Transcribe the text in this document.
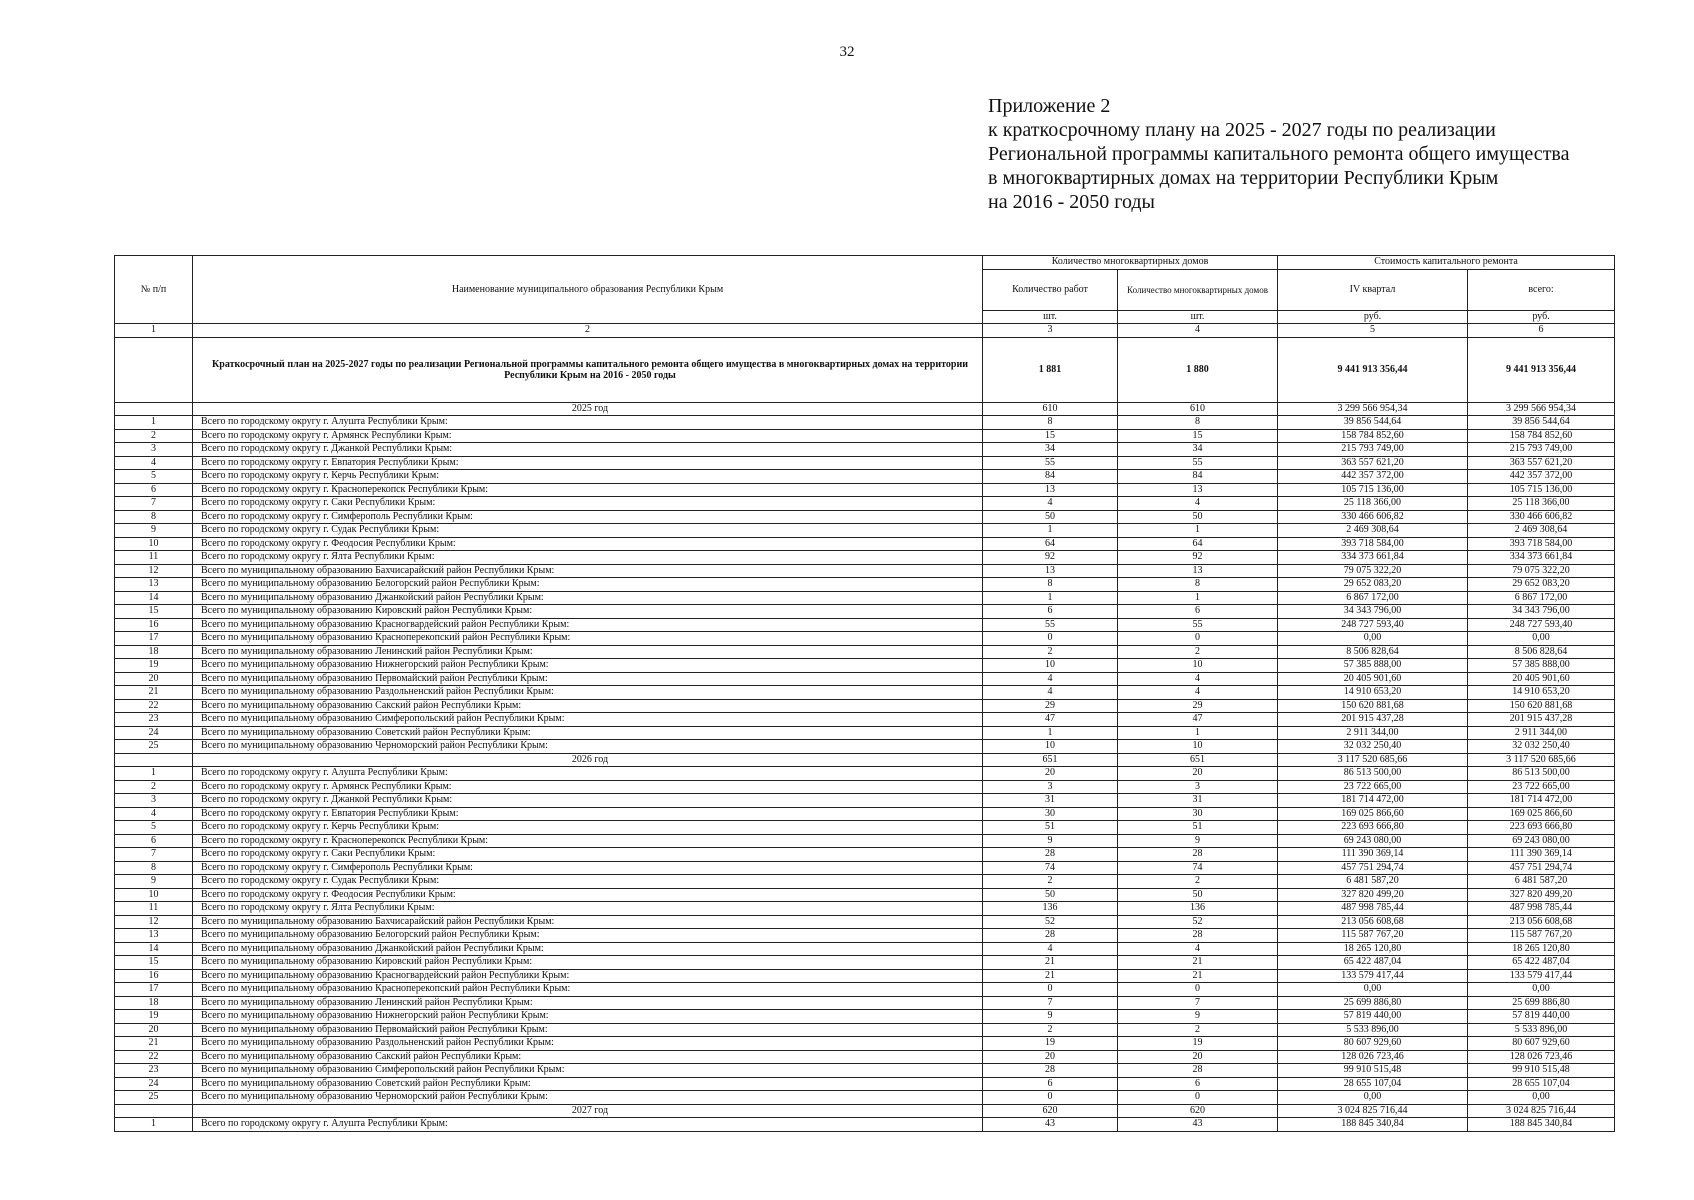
32
Приложение 2
к краткосрочному плану на 2025 - 2027 годы по реализации
Региональной программы капитального ремонта общего имущества
в многоквартирных домах на территории Республики Крым
на 2016 - 2050 годы
№ п/п	Наименование муниципального образования Республики Крым	Количество многоквартирных домов		Стоимость капитального ремонта	
		Количество работ	Количество многоквартирных домов	IV квартал	всего:
		шт.	шт.	руб.	руб.
1	2	3	4	5	6
	Краткосрочный план на 2025-2027 годы по реализации Региональной программы капитального ремонта общего имущества в многоквартирных домах на территории Республики Крым на 2016 - 2050 годы	1 881	1 880	9 441 913 356,44	9 441 913 356,44
	2025 год	610	610	3 299 566 954,34	3 299 566 954,34
1	Всего по городскому округу г. Алушта Республики Крым:	8	8	39 856 544,64	39 856 544,64
2	Всего по городскому округу г. Армянск Республики Крым:	15	15	158 784 852,60	158 784 852,60
3	Всего по городскому округу г. Джанкой Республики Крым:	34	34	215 793 749,00	215 793 749,00
4	Всего по городскому округу г. Евпатория Республики Крым:	55	55	363 557 621,20	363 557 621,20
5	Всего по городскому округу г. Керчь Республики Крым:	84	84	442 357 372,00	442 357 372,00
6	Всего по городскому округу г. Красноперекопск Республики Крым:	13	13	105 715 136,00	105 715 136,00
7	Всего по городскому округу г. Саки Республики Крым:	4	4	25 118 366,00	25 118 366,00
8	Всего по городскому округу г. Симферополь Республики Крым:	50	50	330 466 606,82	330 466 606,82
9	Всего по городскому округу г. Судак Республики Крым:	1	1	2 469 308,64	2 469 308,64
10	Всего по городскому округу г. Феодосия Республики Крым:	64	64	393 718 584,00	393 718 584,00
11	Всего по городскому округу г. Ялта Республики Крым:	92	92	334 373 661,84	334 373 661,84
12	Всего по муниципальному образованию Бахчисарайский район Республики Крым:	13	13	79 075 322,20	79 075 322,20
13	Всего по муниципальному образованию Белогорский район Республики Крым:	8	8	29 652 083,20	29 652 083,20
14	Всего по муниципальному образованию Джанкойский район Республики Крым:	1	1	6 867 172,00	6 867 172,00
15	Всего по муниципальному образованию Кировский район Республики Крым:	6	6	34 343 796,00	34 343 796,00
16	Всего по муниципальному образованию Красногвардейский район Республики Крым:	55	55	248 727 593,40	248 727 593,40
17	Всего по муниципальному образованию Красноперекопский район Республики Крым:	0	0	0,00	0,00
18	Всего по муниципальному образованию Ленинский район Республики Крым:	2	2	8 506 828,64	8 506 828,64
19	Всего по муниципальному образованию Нижнегорский район Республики Крым:	10	10	57 385 888,00	57 385 888,00
20	Всего по муниципальному образованию Первомайский район Республики Крым:	4	4	20 405 901,60	20 405 901,60
21	Всего по муниципальному образованию Раздольненский район Республики Крым:	4	4	14 910 653,20	14 910 653,20
22	Всего по муниципальному образованию Сакский район Республики Крым:	29	29	150 620 881,68	150 620 881,68
23	Всего по муниципальному образованию Симферопольский район Республики Крым:	47	47	201 915 437,28	201 915 437,28
24	Всего по муниципальному образованию Советский район Республики Крым:	1	1	2 911 344,00	2 911 344,00
25	Всего по муниципальному образованию Черноморский район Республики Крым:	10	10	32 032 250,40	32 032 250,40
	2026 год	651	651	3 117 520 685,66	3 117 520 685,66
1	Всего по городскому округу г. Алушта Республики Крым:	20	20	86 513 500,00	86 513 500,00
2	Всего по городскому округу г. Армянск Республики Крым:	3	3	23 722 665,00	23 722 665,00
3	Всего по городскому округу г. Джанкой Республики Крым:	31	31	181 714 472,00	181 714 472,00
4	Всего по городскому округу г. Евпатория Республики Крым:	30	30	169 025 866,60	169 025 866,60
5	Всего по городскому округу г. Керчь Республики Крым:	51	51	223 693 666,80	223 693 666,80
6	Всего по городскому округу г. Красноперекопск Республики Крым:	9	9	69 243 080,00	69 243 080,00
7	Всего по городскому округу г. Саки Республики Крым:	28	28	111 390 369,14	111 390 369,14
8	Всего по городскому округу г. Симферополь Республики Крым:	74	74	457 751 294,74	457 751 294,74
9	Всего по городскому округу г. Судак Республики Крым:	2	2	6 481 587,20	6 481 587,20
10	Всего по городскому округу г. Феодосия Республики Крым:	50	50	327 820 499,20	327 820 499,20
11	Всего по городскому округу г. Ялта Республики Крым:	136	136	487 998 785,44	487 998 785,44
12	Всего по муниципальному образованию Бахчисарайский район Республики Крым:	52	52	213 056 608,68	213 056 608,68
13	Всего по муниципальному образованию Белогорский район Республики Крым:	28	28	115 587 767,20	115 587 767,20
14	Всего по муниципальному образованию Джанкойский район Республики Крым:	4	4	18 265 120,80	18 265 120,80
15	Всего по муниципальному образованию Кировский район Республики Крым:	21	21	65 422 487,04	65 422 487,04
16	Всего по муниципальному образованию Красногвардейский район Республики Крым:	21	21	133 579 417,44	133 579 417,44
17	Всего по муниципальному образованию Красноперекопский район Республики Крым:	0	0	0,00	0,00
18	Всего по муниципальному образованию Ленинский район Республики Крым:	7	7	25 699 886,80	25 699 886,80
19	Всего по муниципальному образованию Нижнегорский район Республики Крым:	9	9	57 819 440,00	57 819 440,00
20	Всего по муниципальному образованию Первомайский район Республики Крым:	2	2	5 533 896,00	5 533 896,00
21	Всего по муниципальному образованию Раздольненский район Республики Крым:	19	19	80 607 929,60	80 607 929,60
22	Всего по муниципальному образованию Сакский район Республики Крым:	20	20	128 026 723,46	128 026 723,46
23	Всего по муниципальному образованию Симферопольский район Республики Крым:	28	28	99 910 515,48	99 910 515,48
24	Всего по муниципальному образованию Советский район Республики Крым:	6	6	28 655 107,04	28 655 107,04
25	Всего по муниципальному образованию Черноморский район Республики Крым:	0	0	0,00	0,00
	2027 год	620	620	3 024 825 716,44	3 024 825 716,44
1	Всего по городскому округу г. Алушта Республики Крым:	43	43	188 845 340,84	188 845 340,84
